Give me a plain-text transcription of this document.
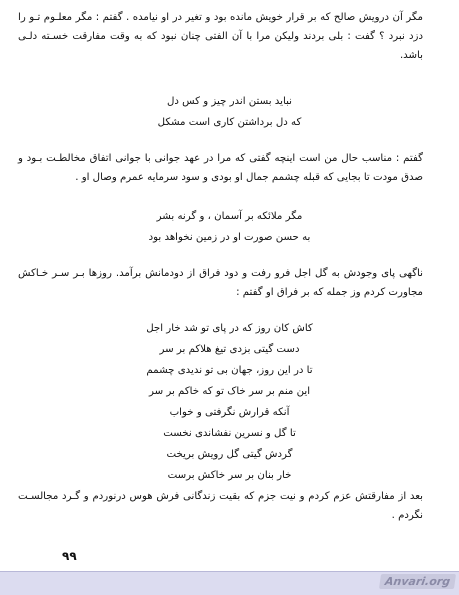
مگر آن درویش صالح که بر قرار خویش مانده بود و تغیر در او نیامده . گفتم : مگر معلـوم تـو را دزد نبرد ؟ گفت : بلی بردند ولیکن مرا با آن الفتی چنان نبود که به وقت مفارقت خسـته دلـی باشد.

نباید بستن اندر چیز و کس دل
که دل برداشتن کاری است مشکل

گفتم : مناسب حال من است اینچه گفتی که مرا در عهد جوانی با جوانی اتفاق مخالطـت بـود و صدق مودت تا بجایی که قبله چشمم جمال او بودی و سود سرمایه عمرم وصال او .

مگر ملائکه بر آسمان ، و گرنه بشر
به حسن صورت او در زمین نخواهد بود

ناگهی پای وجودش به گل اجل فرو رفت و دود فراق از دودمانش برآمد. روزها بـر سـر خـاکش مجاورت کردم وز جمله که بر فراق او گفتم :

کاش کان روز که در پای تو شد خار اجل
دست گیتی بزدی تیغ هلاکم بر سر
تا در این روز، جهان بی تو ندیدی چشمم
این منم بر سر خاک تو که خاکم بر سر
آنکه قرارش نگرفتی و خواب
تا گل و نسرین نفشاندی نخست
گردش گیتی گل رویش بریخت
خار بنان بر سر خاکش برست

بعد از مفارقتش عزم کردم و نیت جزم که بقیت زندگانی فرش هوس درنوردم و گـرد مجالسـت نگردم .

۹۹
Anvari.org
